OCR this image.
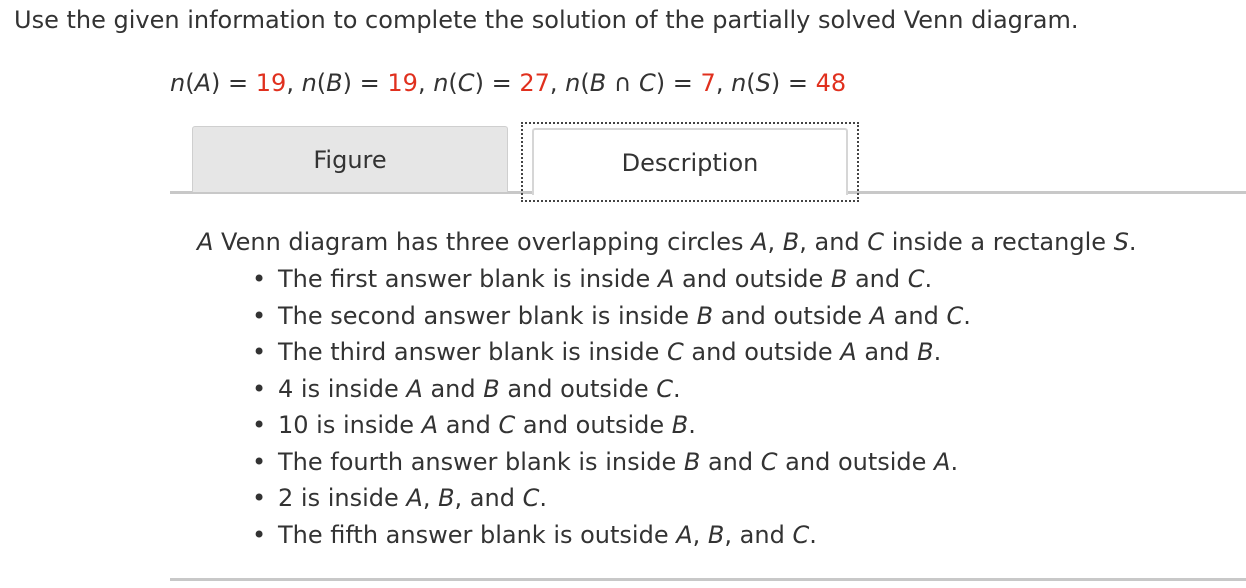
Use the given information to complete the solution of the partially solved Venn diagram.
n(A) = 19, n(B) = 19, n(C) = 27, n(B ∩ C) = 7, n(S) = 48
Figure	Description
A Venn diagram has three overlapping circles A, B, and C inside a rectangle S.
• The first answer blank is inside A and outside B and C.
• The second answer blank is inside B and outside A and C.
• The third answer blank is inside C and outside A and B.
• 4 is inside A and B and outside C.
• 10 is inside A and C and outside B.
• The fourth answer blank is inside B and C and outside A.
• 2 is inside A, B, and C.
• The fifth answer blank is outside A, B, and C.
